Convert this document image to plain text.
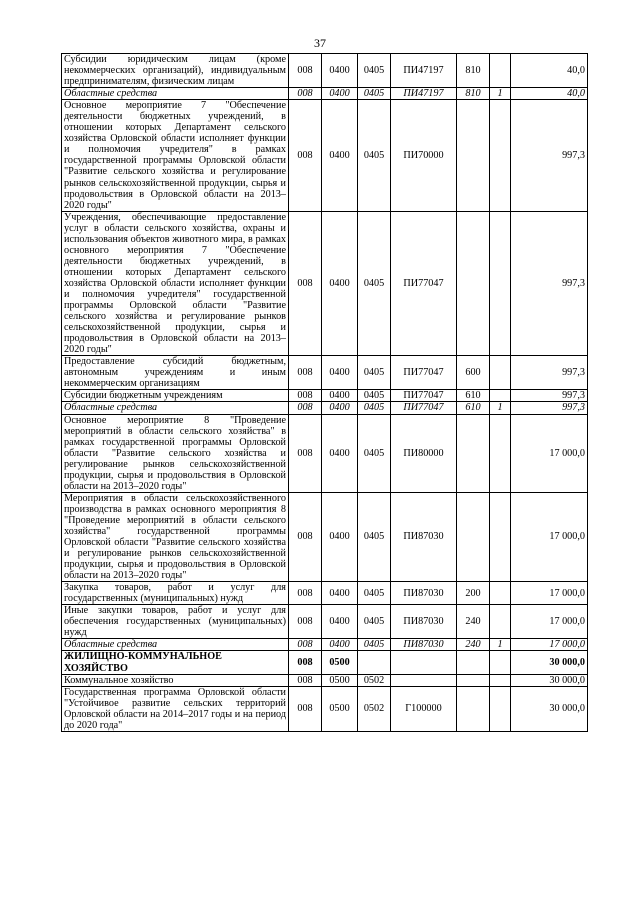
37
Субсидии юридическим лицам (кроме некоммерческих организаций), индивидуальным предпринимателям, физическим лицам	008	0400	0405	ПИ47197	810		40,0
Областные средства	008	0400	0405	ПИ47197	810	1	40,0
Основное мероприятие 7 "Обеспечение деятельности бюджетных учреждений, в отношении которых Департамент сельского хозяйства Орловской области исполняет функции и полномочия учредителя" в рамках государственной программы Орловской области "Развитие сельского хозяйства и регулирование рынков сельскохозяйственной продукции, сырья и продовольствия в Орловской области на 2013–2020 годы"	008	0400	0405	ПИ70000			997,3
Учреждения, обеспечивающие предоставление услуг в области сельского хозяйства, охраны и использования объектов животного мира, в рамках основного мероприятия 7 "Обеспечение деятельности бюджетных учреждений, в отношении которых Департамент сельского хозяйства Орловской области исполняет функции и полномочия учредителя" государственной программы Орловской области "Развитие сельского хозяйства и регулирование рынков сельскохозяйственной продукции, сырья и продовольствия в Орловской области на 2013–2020 годы"	008	0400	0405	ПИ77047			997,3
Предоставление субсидий бюджетным, автономным учреждениям и иным некоммерческим организациям	008	0400	0405	ПИ77047	600		997,3
Субсидии бюджетным учреждениям	008	0400	0405	ПИ77047	610		997,3
Областные средства	008	0400	0405	ПИ77047	610	1	997,3
Основное мероприятие 8 "Проведение мероприятий в области сельского хозяйства" в рамках государственной программы Орловской области "Развитие сельского хозяйства и регулирование рынков сельскохозяйственной продукции, сырья и продовольствия в Орловской области на 2013–2020 годы"	008	0400	0405	ПИ80000			17 000,0
Мероприятия в области сельскохозяйственного производства в рамках основного мероприятия 8 "Проведение мероприятий в области сельского хозяйства" государственной программы Орловской области "Развитие сельского хозяйства и регулирование рынков сельскохозяйственной продукции, сырья и продовольствия в Орловской области на 2013–2020 годы"	008	0400	0405	ПИ87030			17 000,0
Закупка товаров, работ и услуг для государственных (муниципальных) нужд	008	0400	0405	ПИ87030	200		17 000,0
Иные закупки товаров, работ и услуг для обеспечения государственных (муниципальных) нужд	008	0400	0405	ПИ87030	240		17 000,0
Областные средства	008	0400	0405	ПИ87030	240	1	17 000,0
ЖИЛИЩНО-КОММУНАЛЬНОЕ ХОЗЯЙСТВО	008	0500					30 000,0
Коммунальное хозяйство	008	0500	0502				30 000,0
Государственная программа Орловской области "Устойчивое развитие сельских территорий Орловской области на 2014–2017 годы и на период до 2020 года"	008	0500	0502	Г100000			30 000,0
